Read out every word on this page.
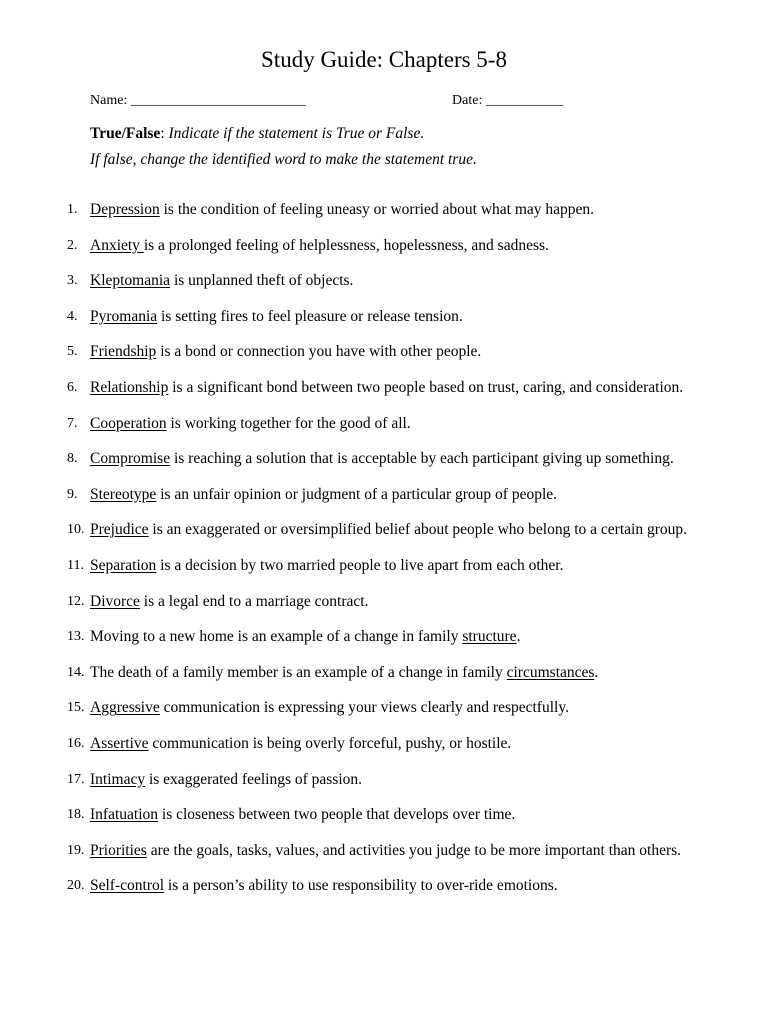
Study Guide: Chapters 5-8
Name: _________________________	Date: ___________
True/False: Indicate if the statement is True or False.
If false, change the identified word to make the statement true.
1. Depression is the condition of feeling uneasy or worried about what may happen.
2. Anxiety is a prolonged feeling of helplessness, hopelessness, and sadness.
3. Kleptomania is unplanned theft of objects.
4. Pyromania is setting fires to feel pleasure or release tension.
5. Friendship is a bond or connection you have with other people.
6. Relationship is a significant bond between two people based on trust, caring, and consideration.
7. Cooperation is working together for the good of all.
8. Compromise is reaching a solution that is acceptable by each participant giving up something.
9. Stereotype is an unfair opinion or judgment of a particular group of people.
10. Prejudice is an exaggerated or oversimplified belief about people who belong to a certain group.
11. Separation is a decision by two married people to live apart from each other.
12. Divorce is a legal end to a marriage contract.
13. Moving to a new home is an example of a change in family structure.
14. The death of a family member is an example of a change in family circumstances.
15. Aggressive communication is expressing your views clearly and respectfully.
16. Assertive communication is being overly forceful, pushy, or hostile.
17. Intimacy is exaggerated feelings of passion.
18. Infatuation is closeness between two people that develops over time.
19. Priorities are the goals, tasks, values, and activities you judge to be more important than others.
20. Self-control is a person’s ability to use responsibility to over-ride emotions.
